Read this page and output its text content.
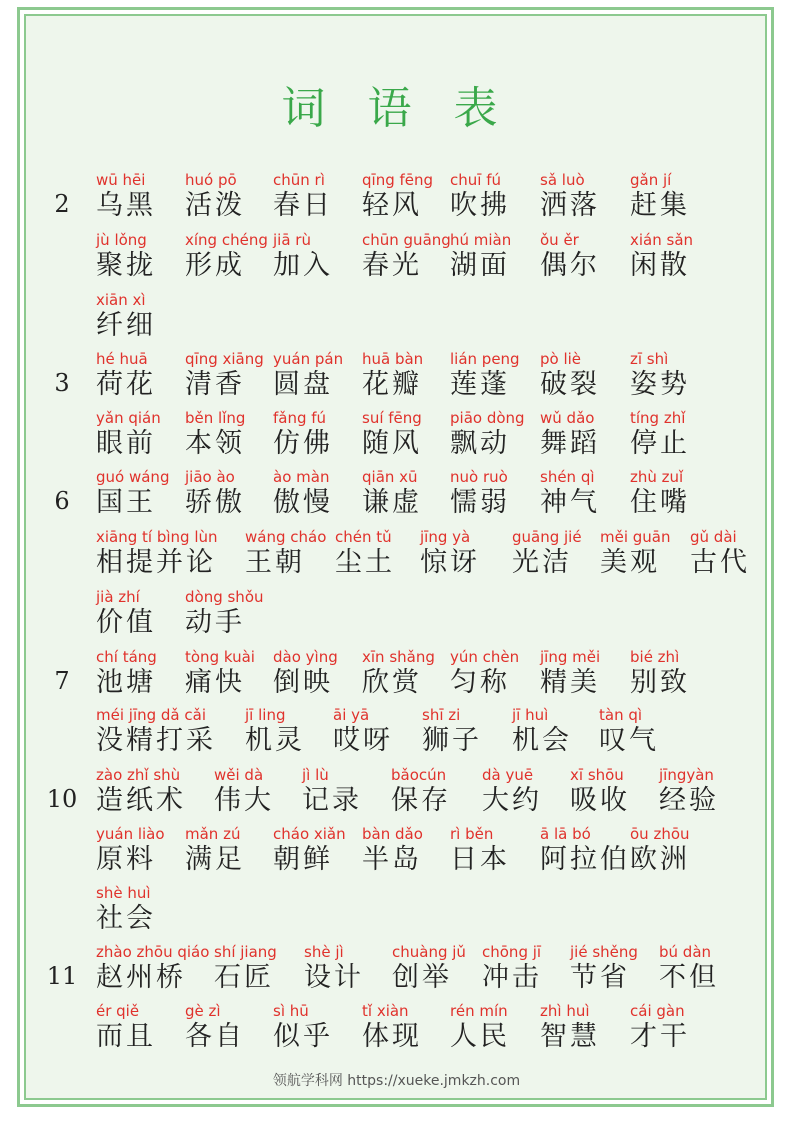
词 语 表
2
wū hēi
乌黑
huó pō
活泼
chūn rì
春日
qīng fēng
轻风
chuī fú
吹拂
sǎ luò
洒落
gǎn jí
赶集
jù lǒng
聚拢
xíng chéng
形成
jiā rù
加入
chūn guāng
春光
hú miàn
湖面
ǒu ěr
偶尔
xián sǎn
闲散
xiān xì
纤细
3
hé huā
荷花
qīng xiāng
清香
yuán pán
圆盘
huā bàn
花瓣
lián peng
莲蓬
pò liè
破裂
zī shì
姿势
yǎn qián
眼前
běn lǐng
本领
fǎng fú
仿佛
suí fēng
随风
piāo dòng
飘动
wǔ dǎo
舞蹈
tíng zhǐ
停止
6
guó wáng
国王
jiāo ào
骄傲
ào màn
傲慢
qiān xū
谦虚
nuò ruò
懦弱
shén qì
神气
zhù zuǐ
住嘴
xiāng tí bìng lùn
相提并论
wáng cháo
王朝
chén tǔ
尘土
jīng yà
惊讶
guāng jié
光洁
měi guān
美观
gǔ dài
古代
jià zhí
价值
dòng shǒu
动手
7
chí táng
池塘
tòng kuài
痛快
dào yìng
倒映
xīn shǎng
欣赏
yún chèn
匀称
jīng měi
精美
bié zhì
别致
méi jīng dǎ cǎi
没精打采
jī ling
机灵
āi yā
哎呀
shī zi
狮子
jī huì
机会
tàn qì
叹气
10
zào zhǐ shù
造纸术
wěi dà
伟大
jì lù
记录
bǎocún
保存
dà yuē
大约
xī shōu
吸收
jīngyàn
经验
yuán liào
原料
mǎn zú
满足
cháo xiǎn
朝鲜
bàn dǎo
半岛
rì běn
日本
ā lā bó
阿拉伯
ōu zhōu
欧洲
shè huì
社会
11
zhào zhōu qiáo
赵州桥
shí jiang
石匠
shè jì
设计
chuàng jǔ
创举
chōng jī
冲击
jié shěng
节省
bú dàn
不但
ér qiě
而且
gè zì
各自
sì hū
似乎
tǐ xiàn
体现
rén mín
人民
zhì huì
智慧
cái gàn
才干
领航学科网 https://xueke.jmkzh.com
